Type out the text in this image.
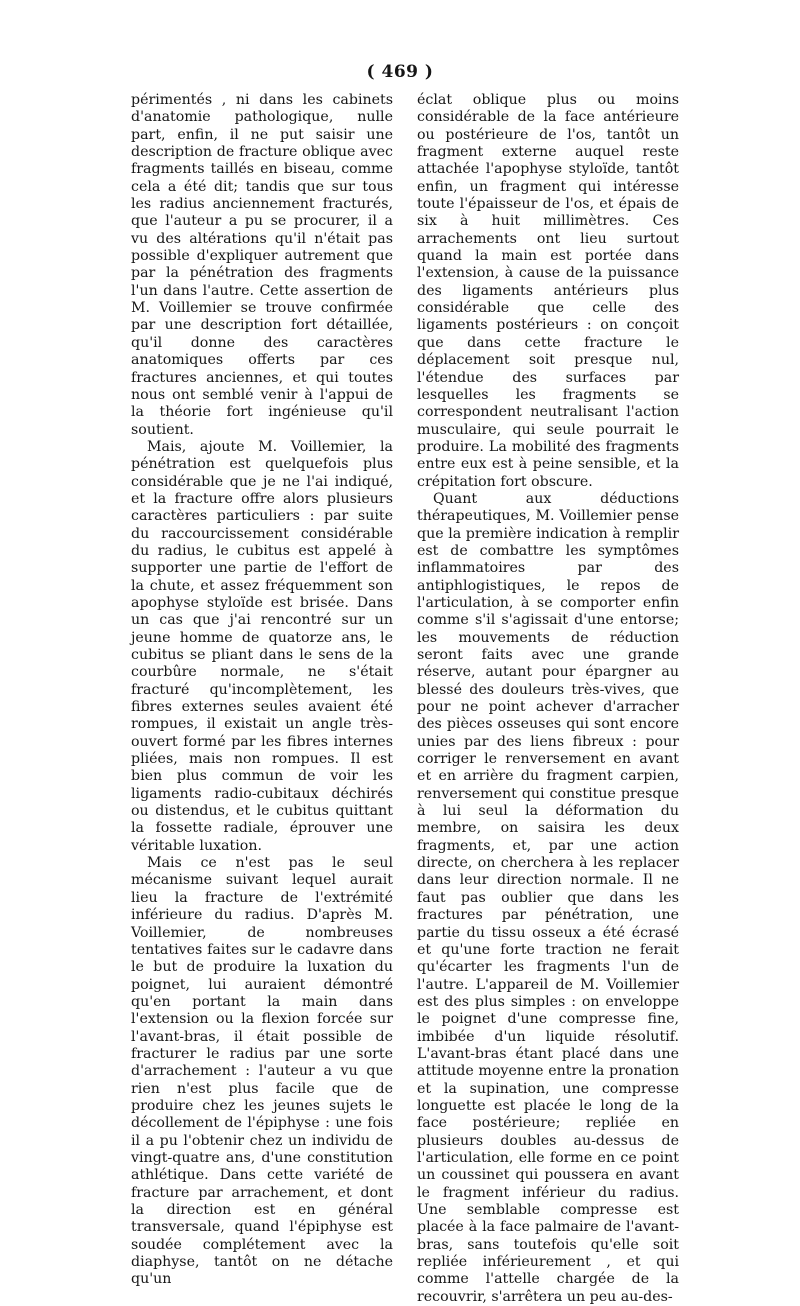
( 469 )

périmentés , ni dans les cabinets d'anatomie pathologique, nulle part, enfin, il ne put saisir une description de fracture oblique avec fragments taillés en biseau, comme cela a été dit; tandis que sur tous les radius anciennement fracturés, que l'auteur a pu se procurer, il a vu des altérations qu'il n'était pas possible d'expliquer autrement que par la pénétration des fragments l'un dans l'autre. Cette assertion de M. Voillemier se trouve confirmée par une description fort détaillée, qu'il donne des caractères anatomiques offerts par ces fractures anciennes, et qui toutes nous ont semblé venir à l'appui de la théorie fort ingénieuse qu'il soutient.

Mais, ajoute M. Voillemier, la pénétration est quelquefois plus considérable que je ne l'ai indiqué, et la fracture offre alors plusieurs caractères particuliers : par suite du raccourcissement considérable du radius, le cubitus est appelé à supporter une partie de l'effort de la chute, et assez fréquemment son apophyse styloïde est brisée. Dans un cas que j'ai rencontré sur un jeune homme de quatorze ans, le cubitus se pliant dans le sens de la courbûre normale, ne s'était fracturé qu'incomplètement, les fibres externes seules avaient été rompues, il existait un angle très-ouvert formé par les fibres internes pliées, mais non rompues. Il est bien plus commun de voir les ligaments radio-cubitaux déchirés ou distendus, et le cubitus quittant la fossette radiale, éprouver une véritable luxation.

Mais ce n'est pas le seul mécanisme suivant lequel aurait lieu la fracture de l'extrémité inférieure du radius. D'après M. Voillemier, de nombreuses tentatives faites sur le cadavre dans le but de produire la luxation du poignet, lui auraient démontré qu'en portant la main dans l'extension ou la flexion forcée sur l'avant-bras, il était possible de fracturer le radius par une sorte d'arrachement : l'auteur a vu que rien n'est plus facile que de produire chez les jeunes sujets le décollement de l'épiphyse : une fois il a pu l'obtenir chez un individu de vingt-quatre ans, d'une constitution athlétique. Dans cette variété de fracture par arrachement, et dont la direction est en général transversale, quand l'épiphyse est soudée complétement avec la diaphyse, tantôt on ne détache qu'un

éclat oblique plus ou moins considérable de la face antérieure ou postérieure de l'os, tantôt un fragment externe auquel reste attachée l'apophyse styloïde, tantôt enfin, un fragment qui intéresse toute l'épaisseur de l'os, et épais de six à huit millimètres. Ces arrachements ont lieu surtout quand la main est portée dans l'extension, à cause de la puissance des ligaments antérieurs plus considérable que celle des ligaments postérieurs : on conçoit que dans cette fracture le déplacement soit presque nul, l'étendue des surfaces par lesquelles les fragments se correspondent neutralisant l'action musculaire, qui seule pourrait le produire. La mobilité des fragments entre eux est à peine sensible, et la crépitation fort obscure.

Quant aux déductions thérapeutiques, M. Voillemier pense que la première indication à remplir est de combattre les symptômes inflammatoires par des antiphlogistiques, le repos de l'articulation, à se comporter enfin comme s'il s'agissait d'une entorse; les mouvements de réduction seront faits avec une grande réserve, autant pour épargner au blessé des douleurs très-vives, que pour ne point achever d'arracher des pièces osseuses qui sont encore unies par des liens fibreux : pour corriger le renversement en avant et en arrière du fragment carpien, renversement qui constitue presque à lui seul la déformation du membre, on saisira les deux fragments, et, par une action directe, on cherchera à les replacer dans leur direction normale. Il ne faut pas oublier que dans les fractures par pénétration, une partie du tissu osseux a été écrasé et qu'une forte traction ne ferait qu'écarter les fragments l'un de l'autre. L'appareil de M. Voillemier est des plus simples : on enveloppe le poignet d'une compresse fine, imbibée d'un liquide résolutif. L'avant-bras étant placé dans une attitude moyenne entre la pronation et la supination, une compresse longuette est placée le long de la face postérieure; repliée en plusieurs doubles au-dessus de l'articulation, elle forme en ce point un coussinet qui poussera en avant le fragment inférieur du radius. Une semblable compresse est placée à la face palmaire de l'avant-bras, sans toutefois qu'elle soit repliée inférieurement , et qui comme l'attelle chargée de la recouvrir, s'arrêtera un peu au-des-
